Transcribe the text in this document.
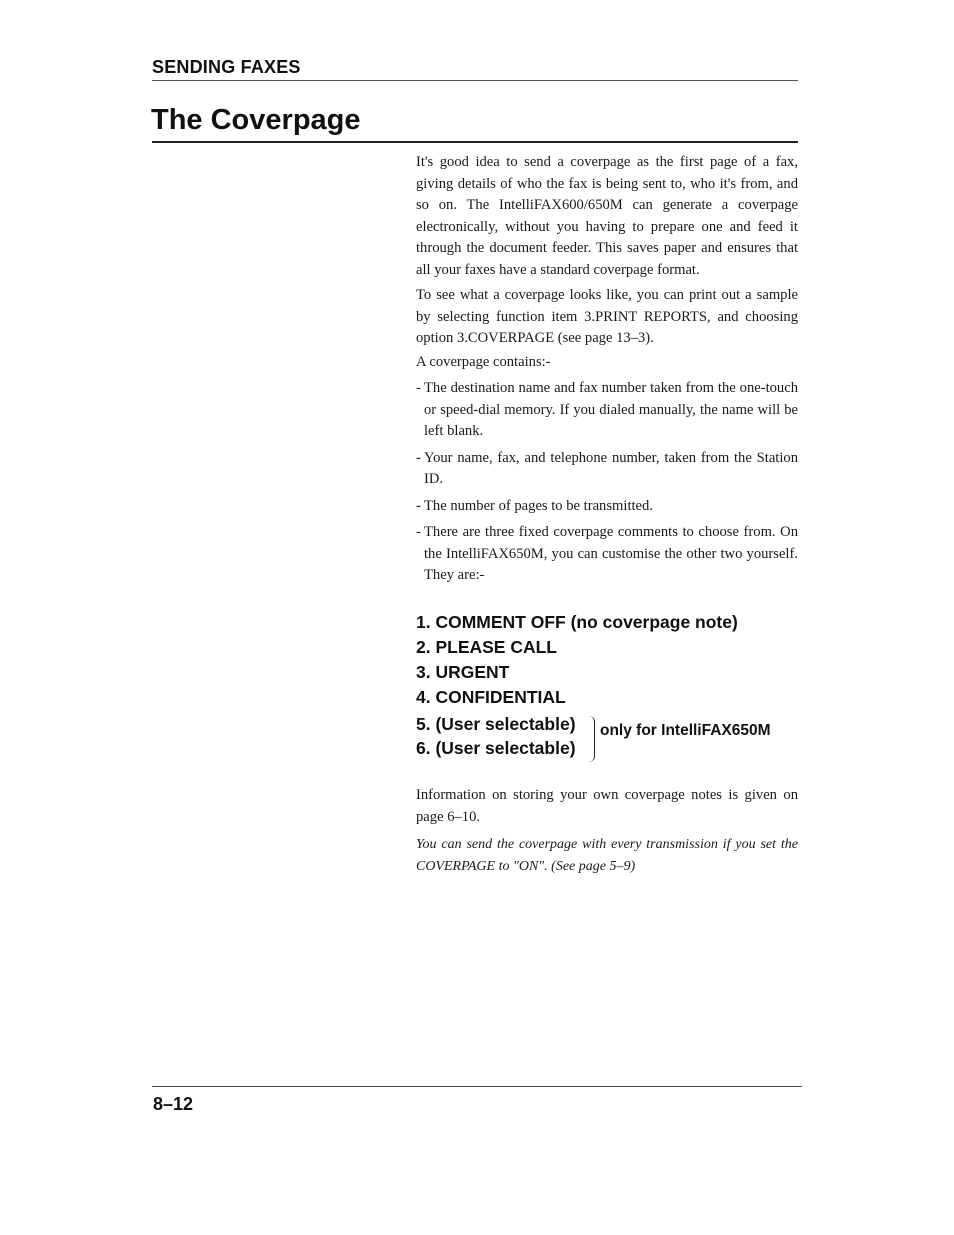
SENDING FAXES
The Coverpage

It's good idea to send a coverpage as the first page of a fax, giving details of who the fax is being sent to, who it's from, and so on. The IntelliFAX600/650M can generate a coverpage electronically, without you having to prepare one and feed it through the document feeder. This saves paper and ensures that all your faxes have a standard coverpage format.

To see what a coverpage looks like, you can print out a sample by selecting function item 3.PRINT REPORTS, and choosing option 3.COVERPAGE (see page 13–3).

A coverpage contains:-

- The destination name and fax number taken from the one-touch or speed-dial memory. If you dialed manually, the name will be left blank.
- Your name, fax, and telephone number, taken from the Station ID.
- The number of pages to be transmitted.
- There are three fixed coverpage comments to choose from. On the IntelliFAX650M, you can customise the other two yourself. They are:-
1. COMMENT OFF (no coverpage note)
2. PLEASE CALL
3. URGENT
4. CONFIDENTIAL
5. (User selectable)
6. (User selectable)
only for IntelliFAX650M

Information on storing your own coverpage notes is given on page 6–10.

You can send the coverpage with every transmission if you set the COVERPAGE to "ON". (See page 5–9)

8–12
